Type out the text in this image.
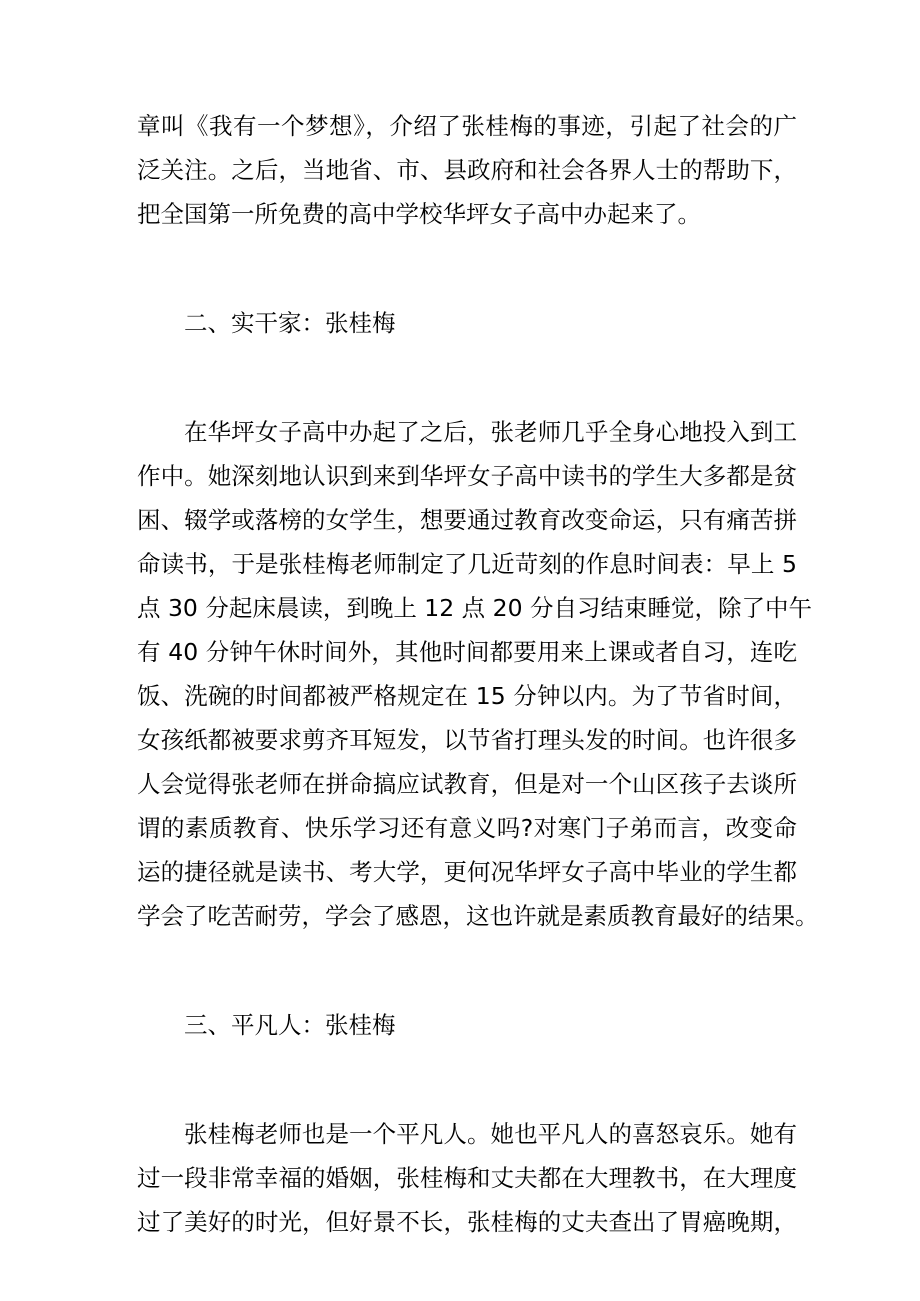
章叫《我有一个梦想》，介绍了张桂梅的事迹，引起了社会的广
泛关注。之后，当地省、市、县政府和社会各界人士的帮助下，
把全国第一所免费的高中学校华坪女子高中办起来了。
二、实干家：张桂梅
在华坪女子高中办起了之后，张老师几乎全身心地投入到工
作中。她深刻地认识到来到华坪女子高中读书的学生大多都是贫
困、辍学或落榜的女学生，想要通过教育改变命运，只有痛苦拼
命读书，于是张桂梅老师制定了几近苛刻的作息时间表：早上 5
点 30 分起床晨读，到晚上 12 点 20 分自习结束睡觉，除了中午
有 40 分钟午休时间外，其他时间都要用来上课或者自习，连吃
饭、洗碗的时间都被严格规定在 15 分钟以内。为了节省时间，
女孩纸都被要求剪齐耳短发，以节省打理头发的时间。也许很多
人会觉得张老师在拼命搞应试教育，但是对一个山区孩子去谈所
谓的素质教育、快乐学习还有意义吗?对寒门子弟而言，改变命
运的捷径就是读书、考大学，更何况华坪女子高中毕业的学生都
学会了吃苦耐劳，学会了感恩，这也许就是素质教育最好的结果。
三、平凡人：张桂梅
张桂梅老师也是一个平凡人。她也平凡人的喜怒哀乐。她有
过一段非常幸福的婚姻，张桂梅和丈夫都在大理教书，在大理度
过了美好的时光，但好景不长，张桂梅的丈夫查出了胃癌晚期，
